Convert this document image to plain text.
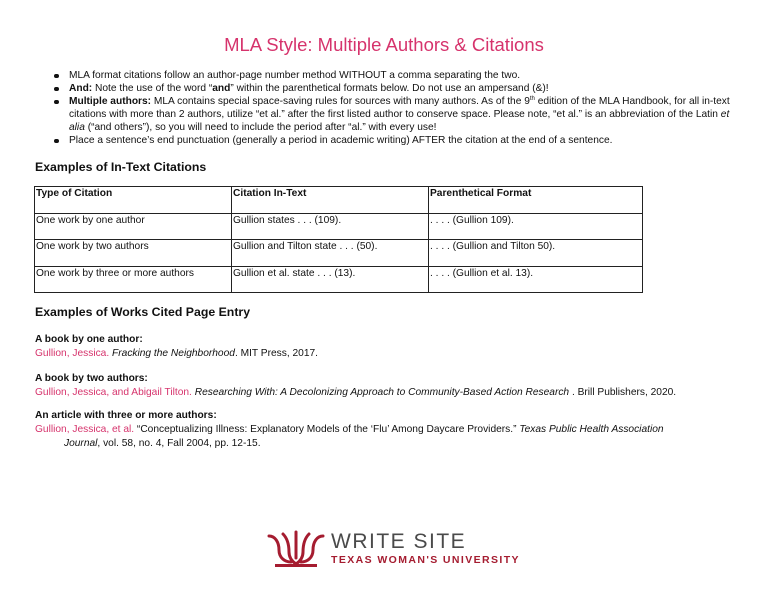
MLA Style: Multiple Authors & Citations
MLA format citations follow an author-page number method WITHOUT a comma separating the two.
And: Note the use of the word “and” within the parenthetical formats below. Do not use an ampersand (&)!
Multiple authors: MLA contains special space-saving rules for sources with many authors. As of the 9th edition of the MLA Handbook, for all in-text citations with more than 2 authors, utilize “et al.” after the first listed author to conserve space. Please note, “et al.” is an abbreviation of the Latin et alia (“and others”), so you will need to include the period after “al.” with every use!
Place a sentence’s end punctuation (generally a period in academic writing) AFTER the citation at the end of a sentence.
Examples of In-Text Citations
Type of Citation	Citation In-Text	Parenthetical Format
One work by one author	Gullion states . . . (109).	. . . . (Gullion 109).
One work by two authors	Gullion and Tilton state . . . (50).	. . . . (Gullion and Tilton 50).
One work by three or more authors	Gullion et al. state . . . (13).	. . . . (Gullion et al. 13).
Examples of Works Cited Page Entry
A book by one author:
Gullion, Jessica. Fracking the Neighborhood. MIT Press, 2017.
A book by two authors:
Gullion, Jessica, and Abigail Tilton. Researching With: A Decolonizing Approach to Community-Based Action Research . Brill Publishers, 2020.
An article with three or more authors:
Gullion, Jessica, et al. “Conceptualizing Illness: Explanatory Models of the ‘Flu’ Among Daycare Providers.” Texas Public Health Association
Journal, vol. 58, no. 4, Fall 2004, pp. 12-15.
WRITE SITE
TEXAS WOMAN'S UNIVERSITY
